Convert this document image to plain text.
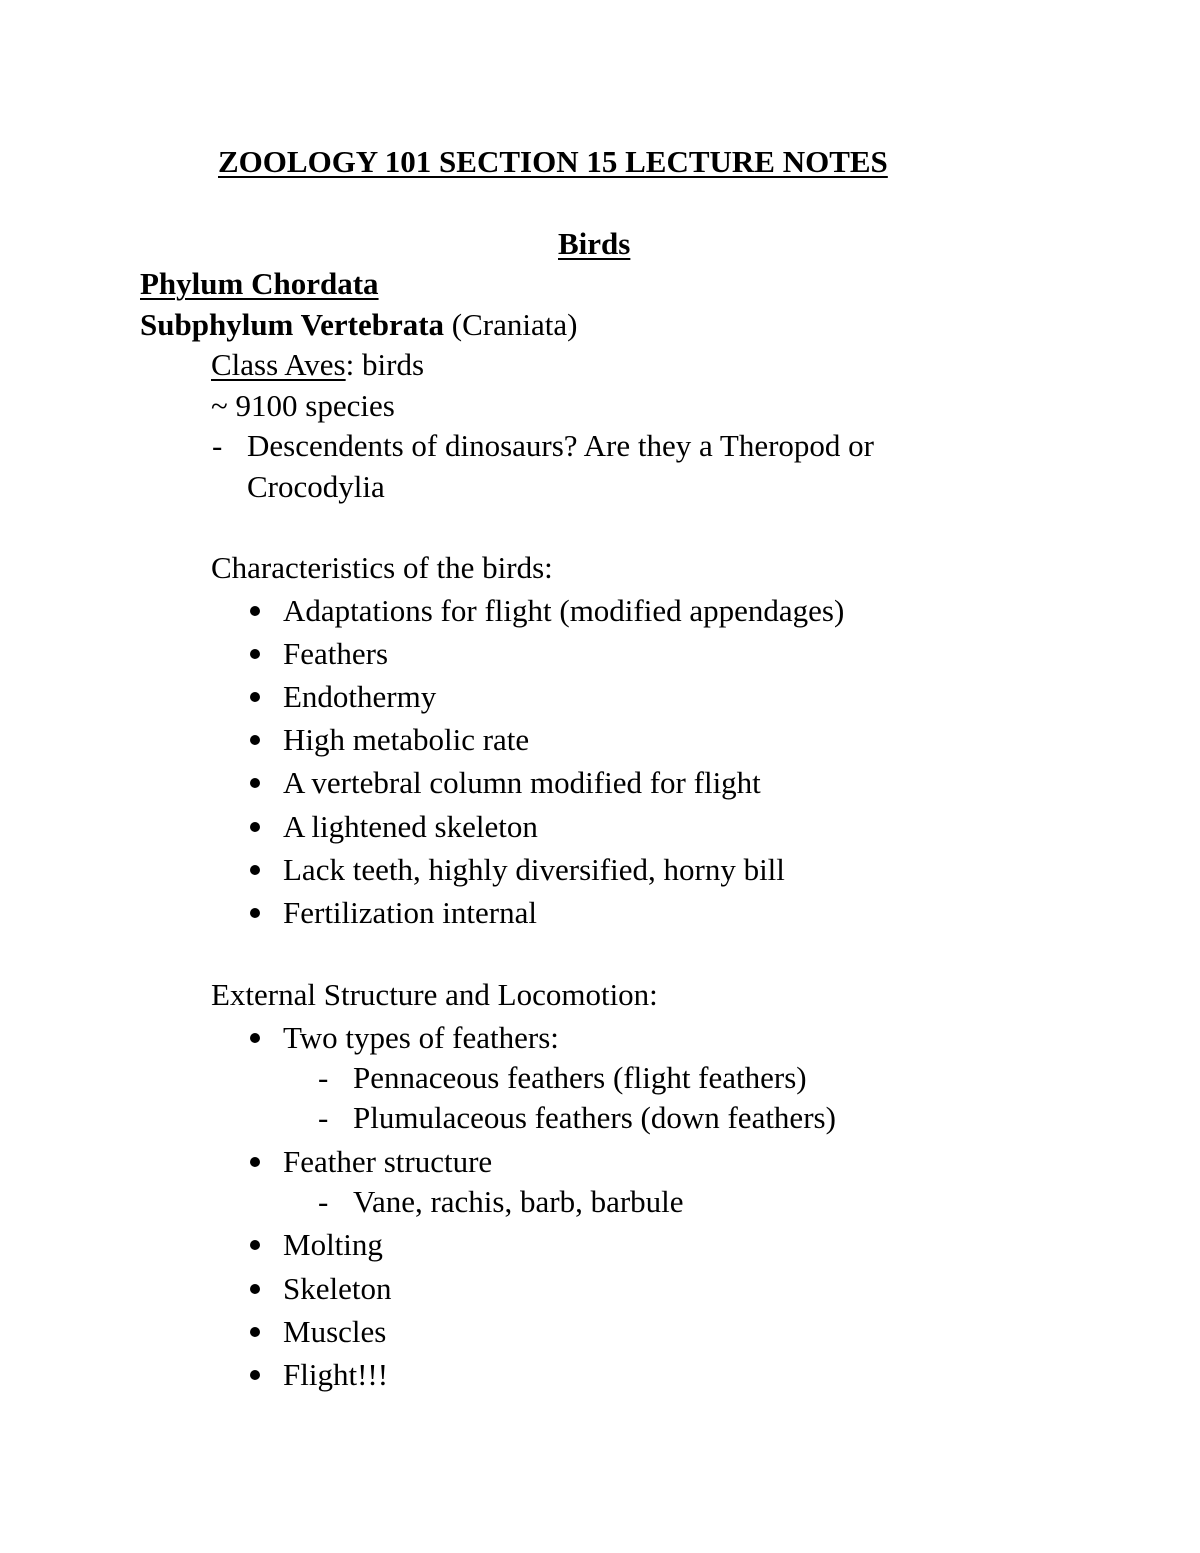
ZOOLOGY 101 SECTION 15 LECTURE NOTES
Birds
Phylum Chordata
Subphylum Vertebrata (Craniata)
Class Aves: birds
~ 9100 species
- Descendents of dinosaurs? Are they a Theropod or
Crocodylia
Characteristics of the birds:
Adaptations for flight (modified appendages)
Feathers
Endothermy
High metabolic rate
A vertebral column modified for flight
A lightened skeleton
Lack teeth, highly diversified, horny bill
Fertilization internal
External Structure and Locomotion:
Two types of feathers:
- Pennaceous feathers (flight feathers)
- Plumulaceous feathers (down feathers)
Feather structure
- Vane, rachis, barb, barbule
Molting
Skeleton
Muscles
Flight!!!
